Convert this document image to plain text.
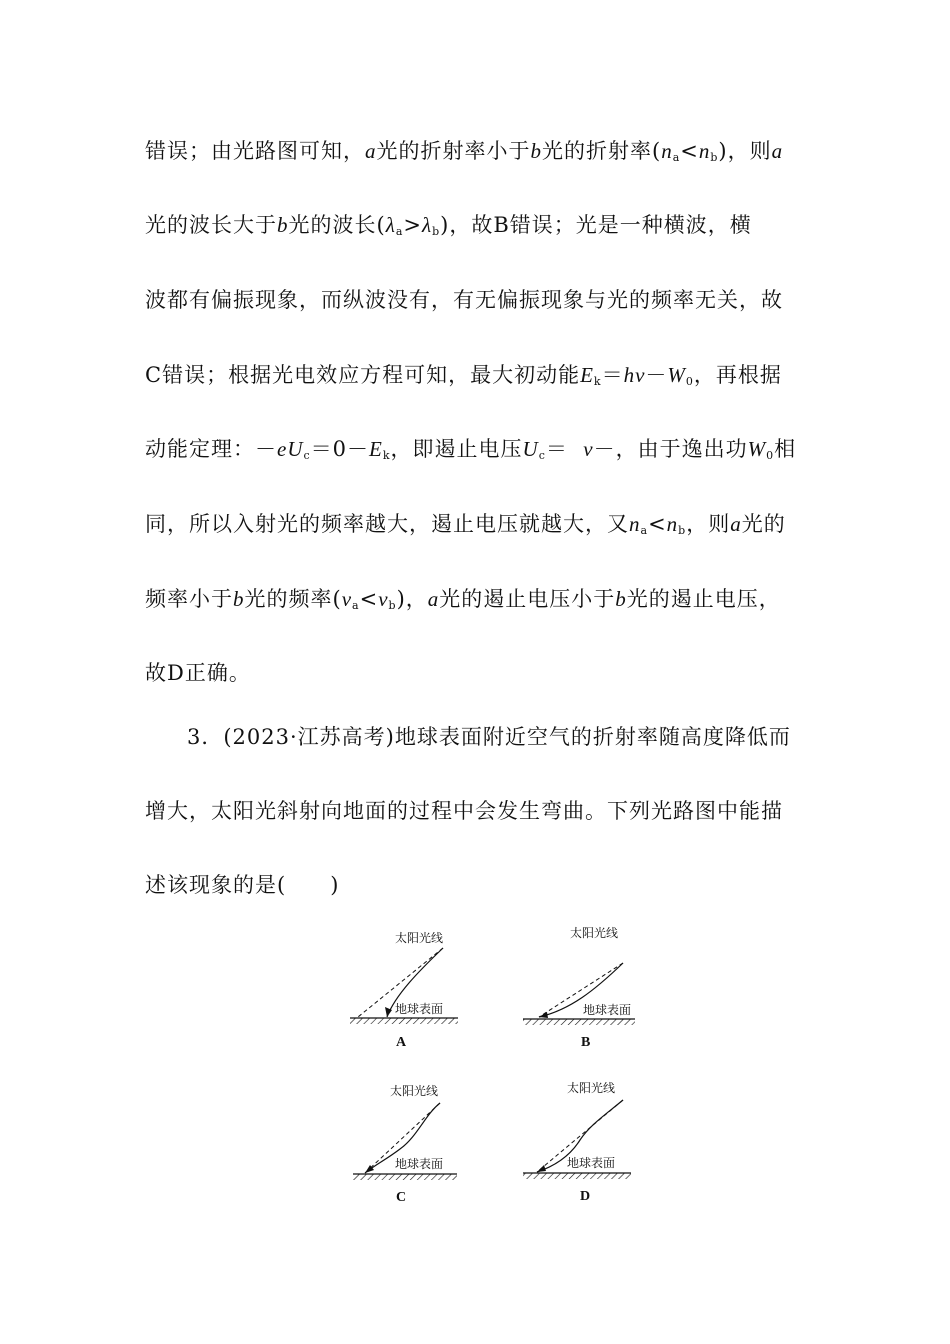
错误；由光路图可知，a光的折射率小于b光的折射率$(n_a<n_b)$，则a
光的波长大于b光的波长$(\lambda_a>\lambda_b)$，故B错误；光是一种横波，横
波都有偏振现象，而纵波没有，有无偏振现象与光的频率无关，故
C错误；根据光电效应方程可知，最大初动能$E_k=h\nu-W_0$，再根据
动能定理：$-eU_c=0-E_k$，即遏止电压$U_c= \nu-$，由于逸出功$W_0$相
同，所以入射光的频率越大，遏止电压就越大，又$n_a<n_b$，则a光的
频率小于b光的频率$(\nu_a<\nu_b)$，a光的遏止电压小于b光的遏止电压，
故D正确。
3．(2023·江苏高考)地球表面附近空气的折射率随高度降低而
增大，太阳光斜射向地面的过程中会发生弯曲。下列光路图中能描
述该现象的是(　　)
太阳光线
地球表面
A
太阳光线
地球表面
B
太阳光线
地球表面
C
太阳光线
地球表面
D
